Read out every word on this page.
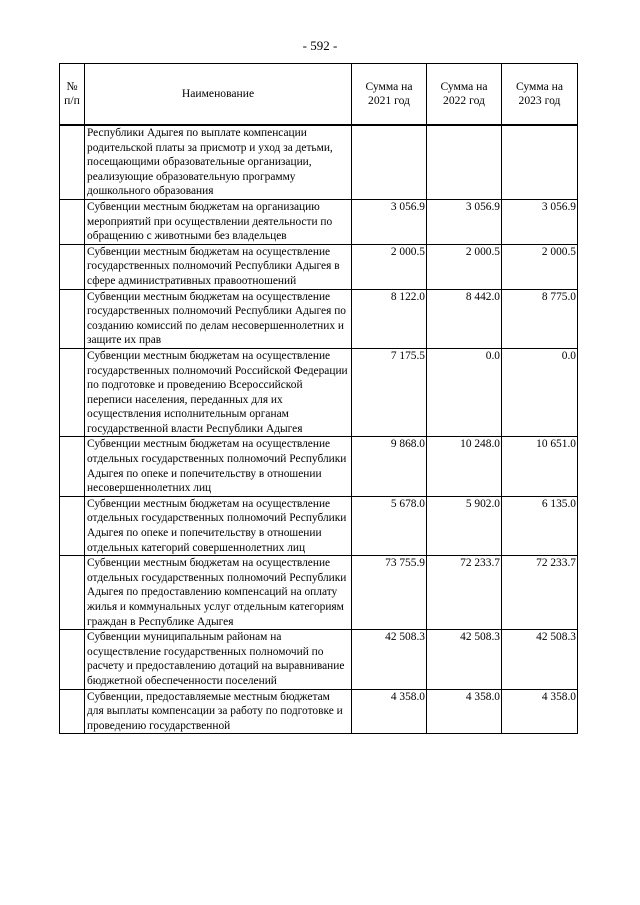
- 592 -
№ п/п	Наименование	Сумма на 2021 год	Сумма на 2022 год	Сумма на 2023 год
	Республики Адыгея по выплате компенсации родительской платы за присмотр и уход за детьми, посещающими образовательные организации, реализующие образовательную программу дошкольного образования			
	Субвенции местным бюджетам на организацию мероприятий при осуществлении деятельности по обращению с животными без владельцев	3 056.9	3 056.9	3 056.9
	Субвенции местным бюджетам на осуществление государственных полномочий Республики Адыгея в сфере административных правоотношений	2 000.5	2 000.5	2 000.5
	Субвенции местным бюджетам на осуществление государственных полномочий Республики Адыгея по созданию комиссий по делам несовершеннолетних и защите их прав	8 122.0	8 442.0	8 775.0
	Субвенции местным бюджетам на осуществление государственных полномочий Российской Федерации по подготовке и проведению Всероссийской переписи населения, переданных для их осуществления исполнительным органам государственной власти Республики Адыгея	7 175.5	0.0	0.0
	Субвенции местным бюджетам на осуществление отдельных государственных полномочий Республики Адыгея по опеке и попечительству в отношении несовершеннолетних лиц	9 868.0	10 248.0	10 651.0
	Субвенции местным бюджетам на осуществление отдельных государственных полномочий Республики Адыгея по опеке и попечительству в отношении отдельных категорий совершеннолетних лиц	5 678.0	5 902.0	6 135.0
	Субвенции местным бюджетам на осуществление отдельных государственных полномочий Республики Адыгея по предоставлению компенсаций на оплату жилья и коммунальных услуг отдельным категориям граждан в Республике Адыгея	73 755.9	72 233.7	72 233.7
	Субвенции муниципальным районам на осуществление государственных полномочий по расчету и предоставлению дотаций на выравнивание бюджетной обеспеченности поселений	42 508.3	42 508.3	42 508.3
	Субвенции, предоставляемые местным бюджетам для выплаты компенсации за работу по подготовке и проведению государственной	4 358.0	4 358.0	4 358.0
